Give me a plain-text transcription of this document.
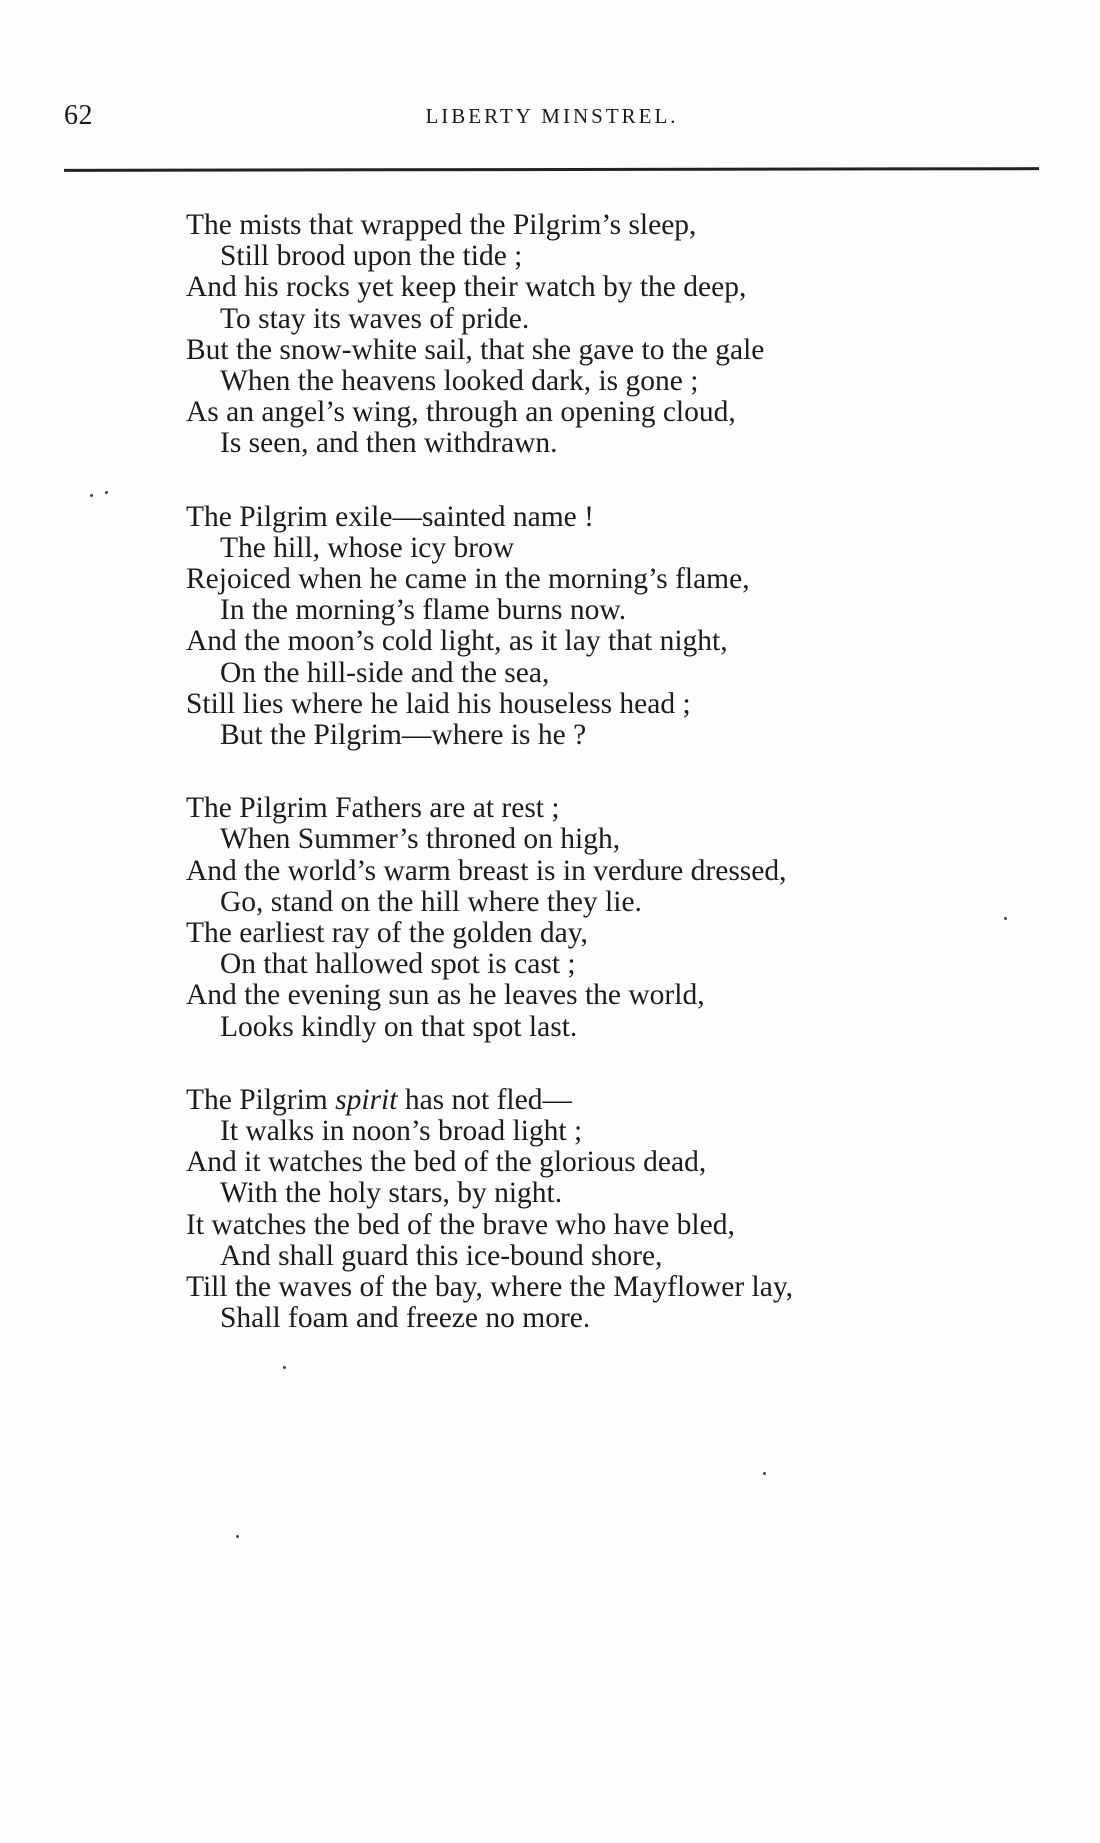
62	LIBERTY MINSTREL.
The mists that wrapped the Pilgrim’s sleep,
Still brood upon the tide ;
And his rocks yet keep their watch by the deep,
To stay its waves of pride.
But the snow-white sail, that she gave to the gale
When the heavens looked dark, is gone ;
As an angel’s wing, through an opening cloud,
Is seen, and then withdrawn.
The Pilgrim exile—sainted name !
The hill, whose icy brow
Rejoiced when he came in the morning’s flame,
In the morning’s flame burns now.
And the moon’s cold light, as it lay that night,
On the hill-side and the sea,
Still lies where he laid his houseless head ;
But the Pilgrim—where is he ?
The Pilgrim Fathers are at rest ;
When Summer’s throned on high,
And the world’s warm breast is in verdure dressed,
Go, stand on the hill where they lie.
The earliest ray of the golden day,
On that hallowed spot is cast ;
And the evening sun as he leaves the world,
Looks kindly on that spot last.
The Pilgrim spirit has not fled—
It walks in noon’s broad light ;
And it watches the bed of the glorious dead,
With the holy stars, by night.
It watches the bed of the brave who have bled,
And shall guard this ice-bound shore,
Till the waves of the bay, where the Mayflower lay,
Shall foam and freeze no more.
